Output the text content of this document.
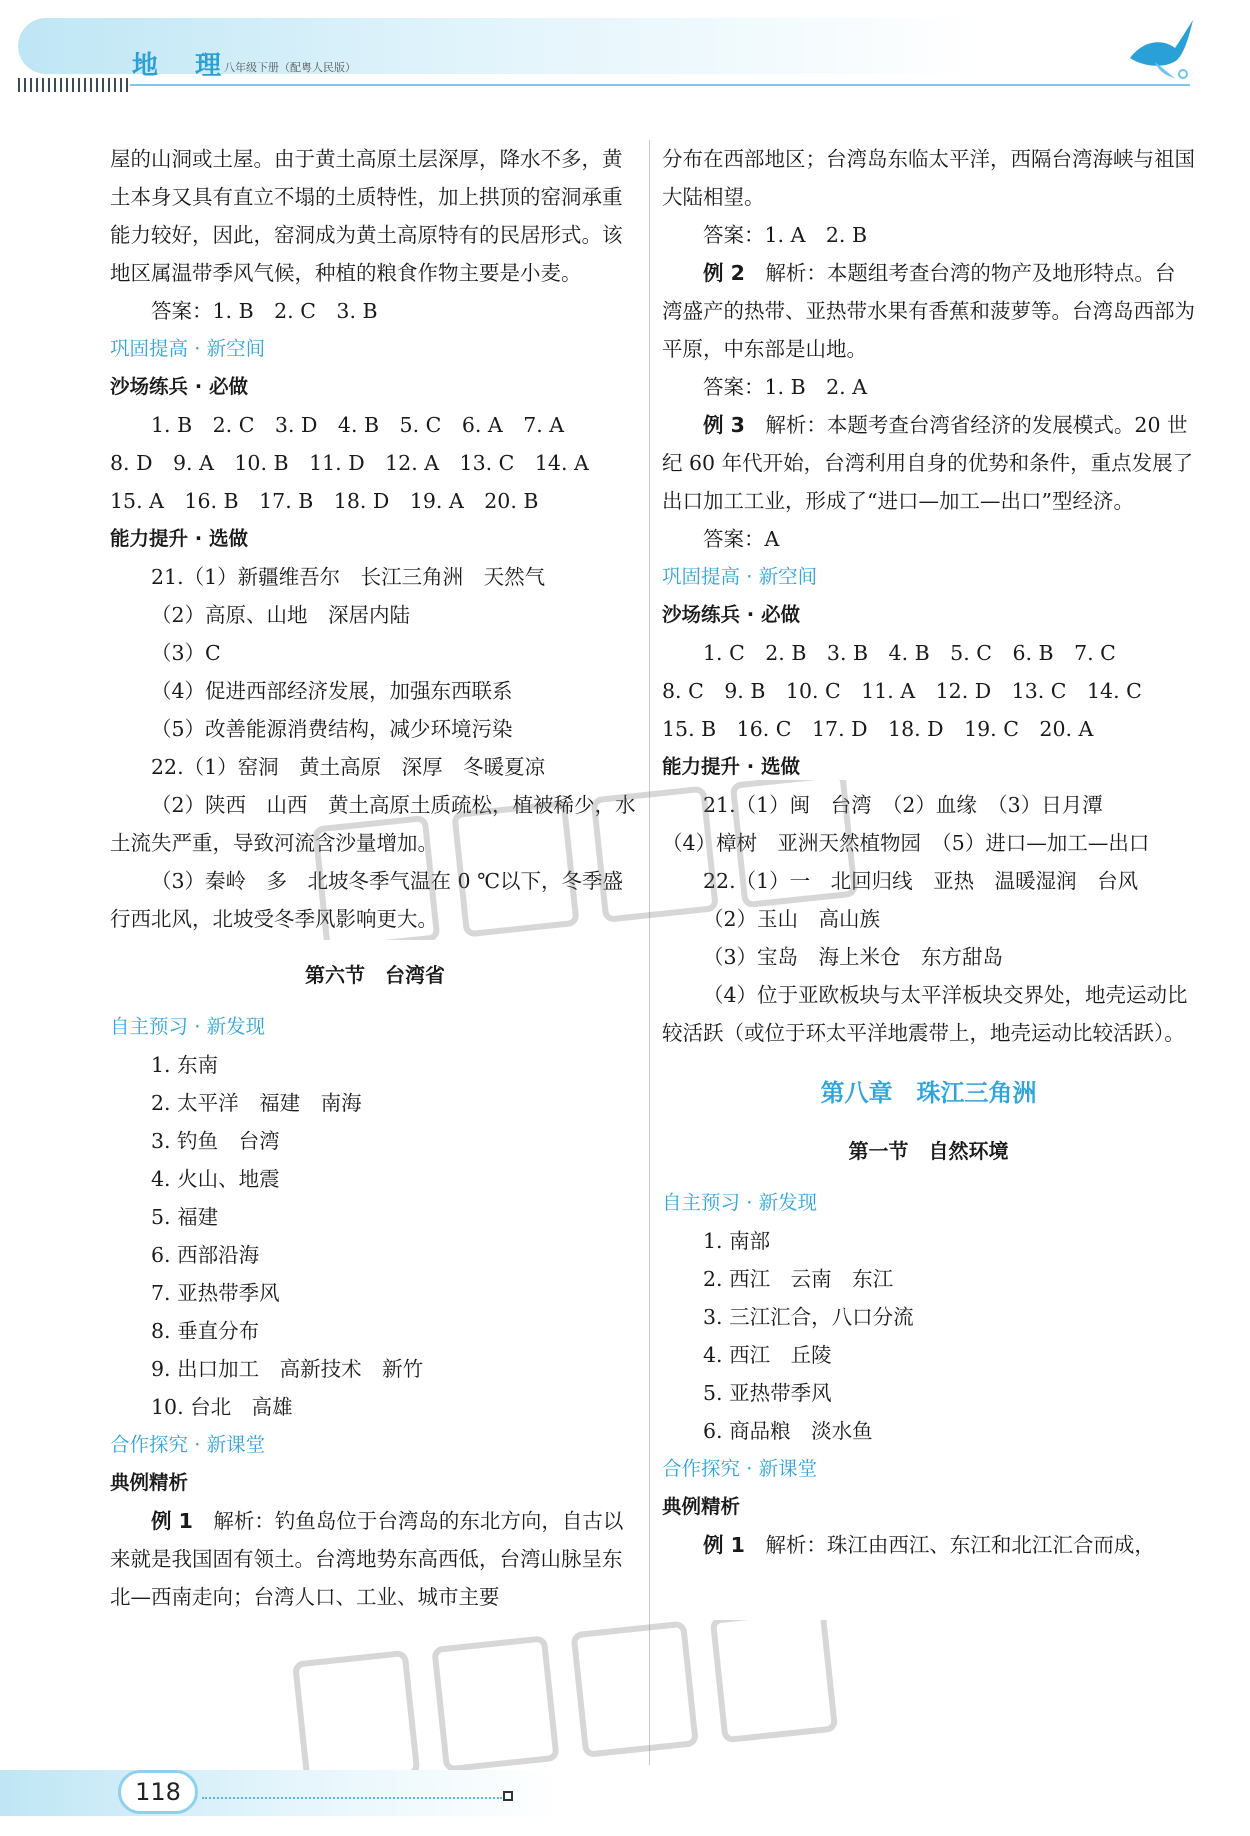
地 理
八年级下册（配粤人民版）

屋的山洞或土屋。由于黄土高原土层深厚，降水不多，黄土本身又具有直立不塌的土质特性，加上拱顶的窑洞承重能力较好，因此，窑洞成为黄土高原特有的民居形式。该地区属温带季风气候，种植的粮食作物主要是小麦。

答案：1. B　2. C　3. B

巩固提高 · 新空间

沙场练兵 · 必做

1. B　2. C　3. D　4. B　5. C　6. A　7. A

8. D　9. A　10. B　11. D　12. A　13. C　14. A

15. A　16. B　17. B　18. D　19. A　20. B

能力提升 · 选做

21.（1）新疆维吾尔　长江三角洲　天然气

（2）高原、山地　深居内陆

（3）C

（4）促进西部经济发展，加强东西联系

（5）改善能源消费结构，减少环境污染

22.（1）窑洞　黄土高原　深厚　冬暖夏凉

（2）陕西　山西　黄土高原土质疏松，植被稀少，水土流失严重，导致河流含沙量增加。

（3）秦岭　多　北坡冬季气温在 0 ℃以下，冬季盛行西北风，北坡受冬季风影响更大。

第六节　台湾省

自主预习 · 新发现

1. 东南

2. 太平洋　福建　南海

3. 钓鱼　台湾

4. 火山、地震

5. 福建

6. 西部沿海

7. 亚热带季风

8. 垂直分布

9. 出口加工　高新技术　新竹

10. 台北　高雄

合作探究 · 新课堂

典例精析

例 1　 解析：钓鱼岛位于台湾岛的东北方向，自古以来就是我国固有领土。台湾地势东高西低，台湾山脉呈东北—西南走向；台湾人口、工业、城市主要

分布在西部地区；台湾岛东临太平洋，西隔台湾海峡与祖国大陆相望。

答案：1. A　2. B

例 2　 解析：本题组考查台湾的物产及地形特点。台湾盛产的热带、亚热带水果有香蕉和菠萝等。台湾岛西部为平原，中东部是山地。

答案：1. B　2. A

例 3　 解析：本题考查台湾省经济的发展模式。20 世纪 60 年代开始，台湾利用自身的优势和条件，重点发展了出口加工工业，形成了“进口—加工—出口”型经济。

答案：A

巩固提高 · 新空间

沙场练兵 · 必做

1. C　2. B　3. B　4. B　5. C　6. B　7. C

8. C　9. B　10. C　11. A　12. D　13. C　14. C

15. B　16. C　17. D　18. D　19. C　20. A

能力提升 · 选做

21.（1）闽　台湾　（2）血缘　（3）日月潭

（4）樟树　亚洲天然植物园　（5）进口—加工—出口

22.（1）一　北回归线　亚热　温暖湿润　台风

（2）玉山　高山族

（3）宝岛　海上米仓　东方甜岛

（4）位于亚欧板块与太平洋板块交界处，地壳运动比较活跃（或位于环太平洋地震带上，地壳运动比较活跃）。

第八章　珠江三角洲

第一节　自然环境

自主预习 · 新发现

1. 南部

2. 西江　云南　东江

3. 三江汇合，八口分流

4. 西江　丘陵

5. 亚热带季风

6. 商品粮　淡水鱼

合作探究 · 新课堂

典例精析

例 1　 解析：珠江由西江、东江和北江汇合而成，

118
